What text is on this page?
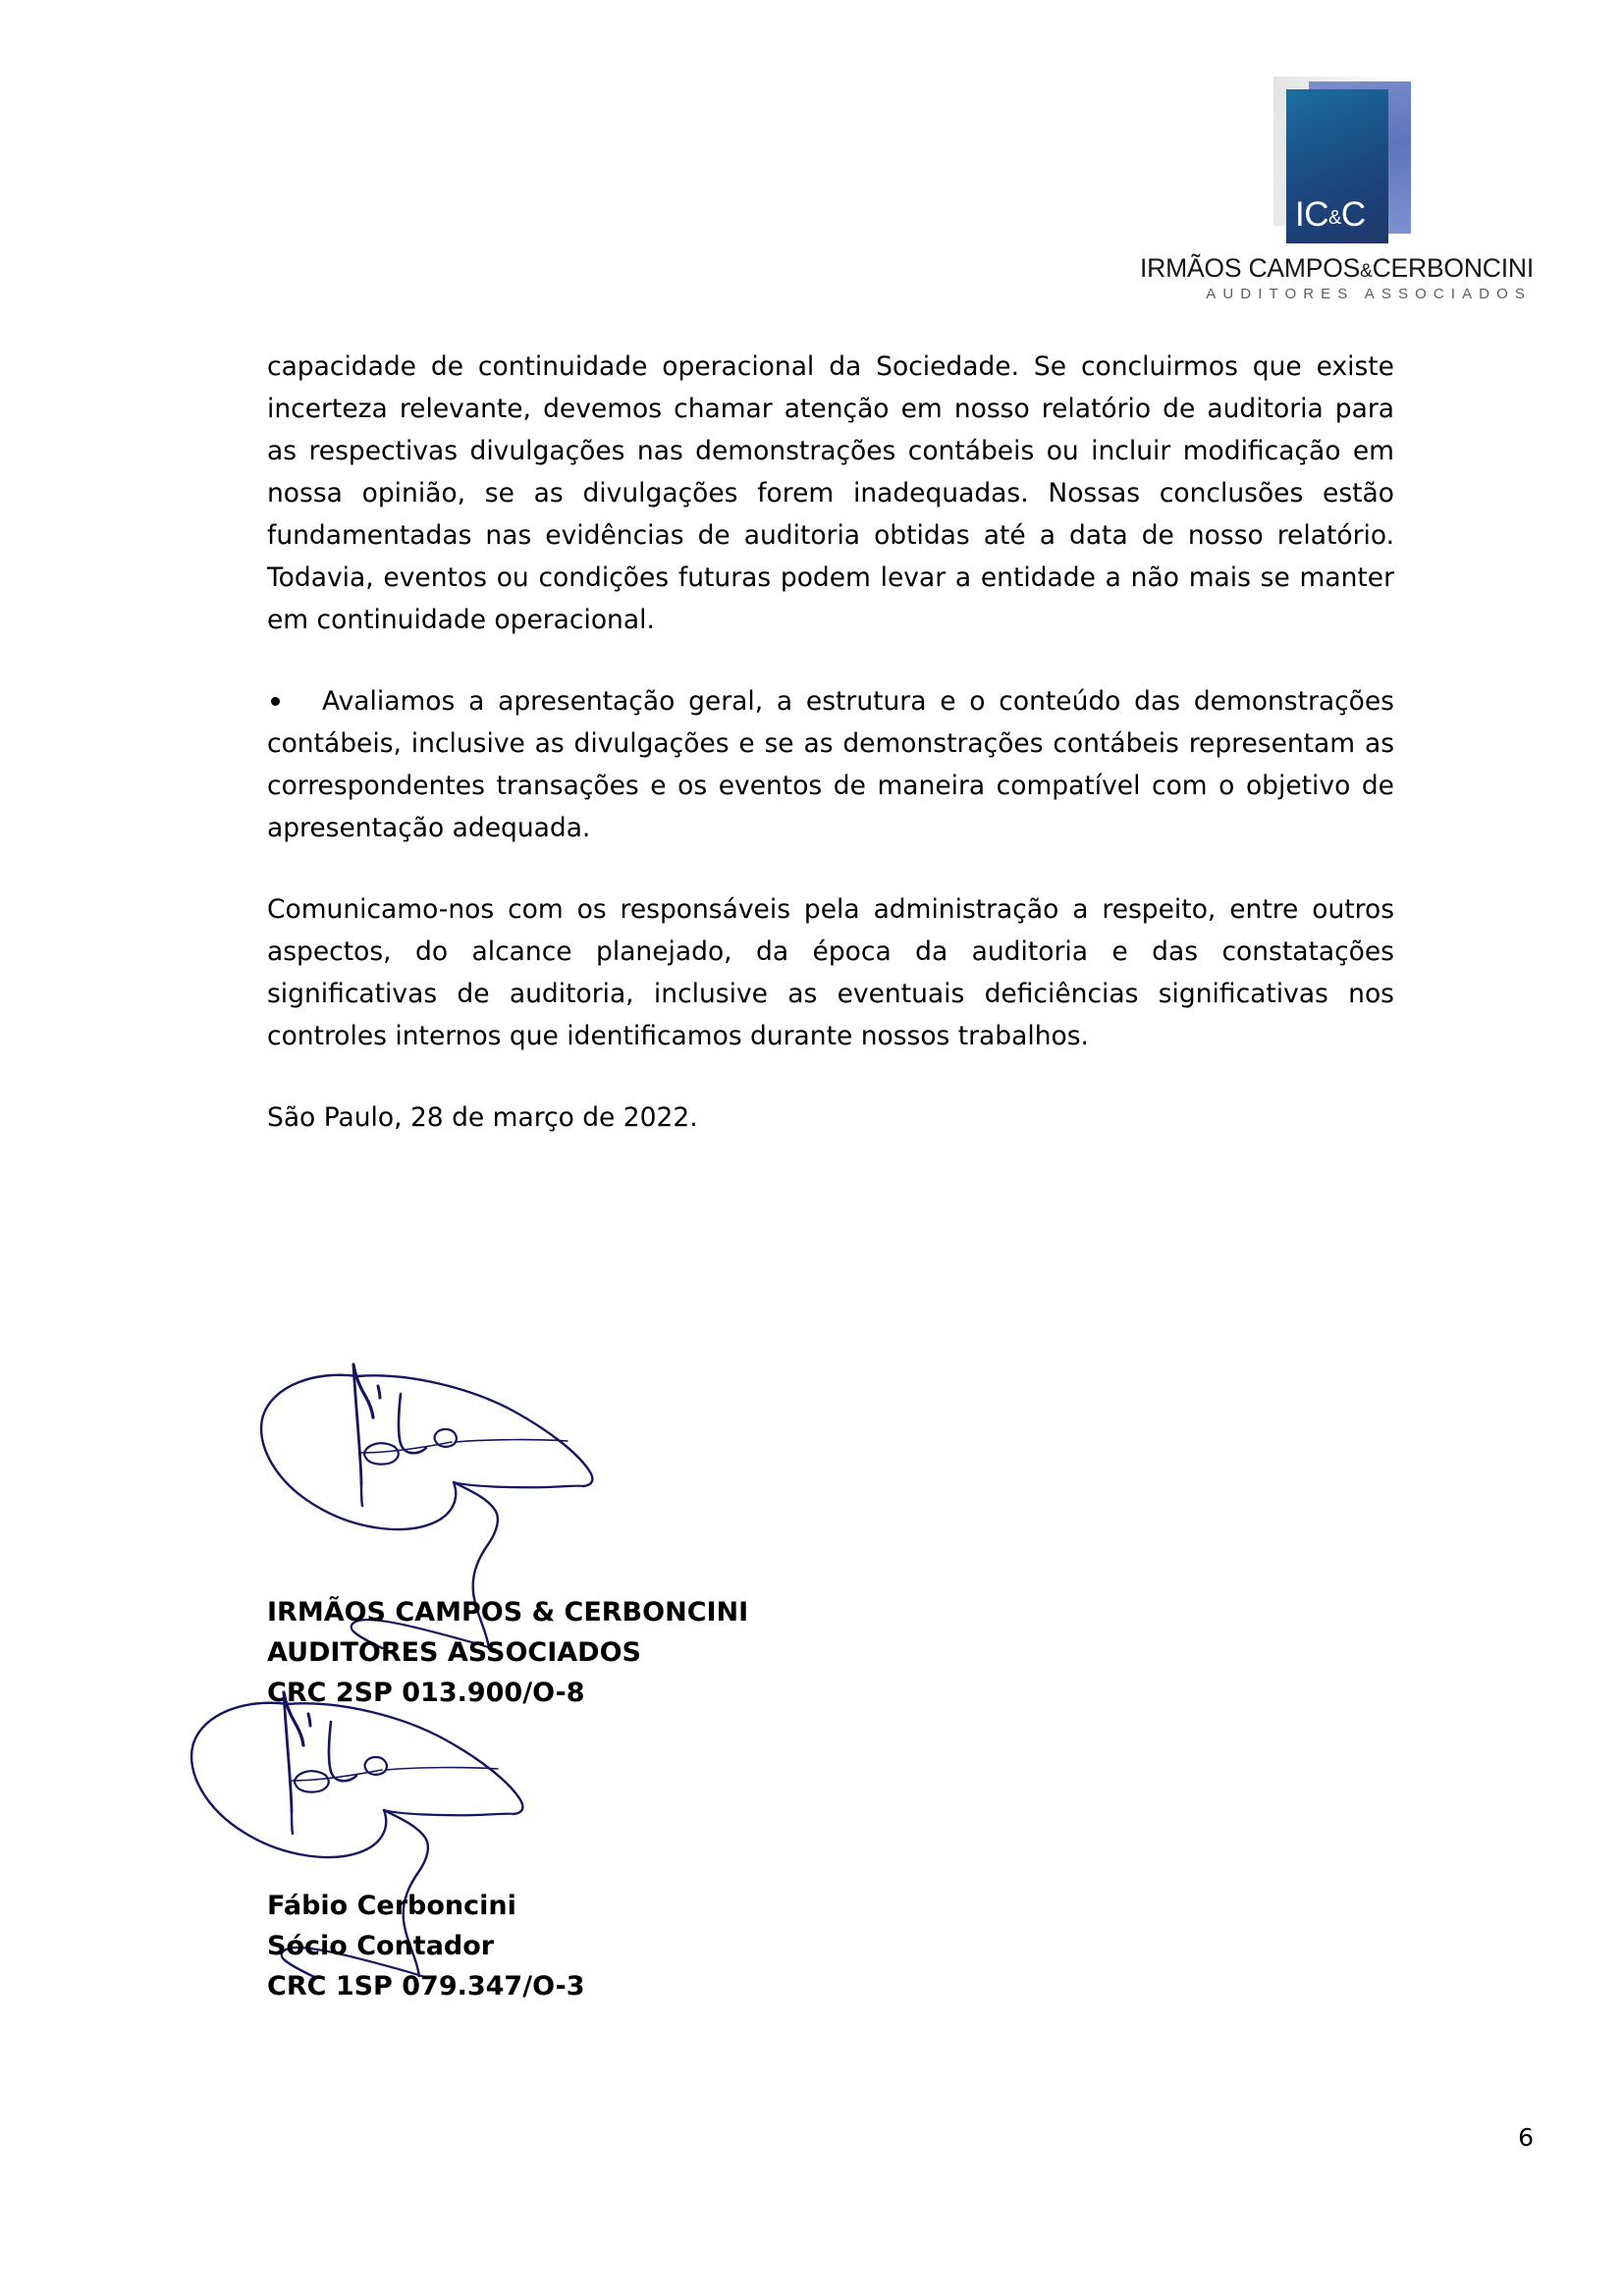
IC&C
IRMÃOS CAMPOS&CERBONCINI
AUDITORES ASSOCIADOS

capacidade de continuidade operacional da Sociedade. Se concluirmos que existe incerteza relevante, devemos chamar atenção em nosso relatório de auditoria para as respectivas divulgações nas demonstrações contábeis ou incluir modificação em nossa opinião, se as divulgações forem inadequadas. Nossas conclusões estão fundamentadas nas evidências de auditoria obtidas até a data de nosso relatório. Todavia, eventos ou condições futuras podem levar a entidade a não mais se manter em continuidade operacional.

Avaliamos a apresentação geral, a estrutura e o conteúdo das demonstrações contábeis, inclusive as divulgações e se as demonstrações contábeis representam as correspondentes transações e os eventos de maneira compatível com o objetivo de apresentação adequada.

Comunicamo-nos com os responsáveis pela administração a respeito, entre outros aspectos, do alcance planejado, da época da auditoria e das constatações significativas de auditoria, inclusive as eventuais deficiências significativas nos controles internos que identificamos durante nossos trabalhos.

São Paulo, 28 de março de 2022.

IRMÃOS CAMPOS & CERBONCINI
AUDITORES ASSOCIADOS
CRC 2SP 013.900/O-8
Fábio Cerboncini
Sócio Contador
CRC 1SP 079.347/O-3
6
